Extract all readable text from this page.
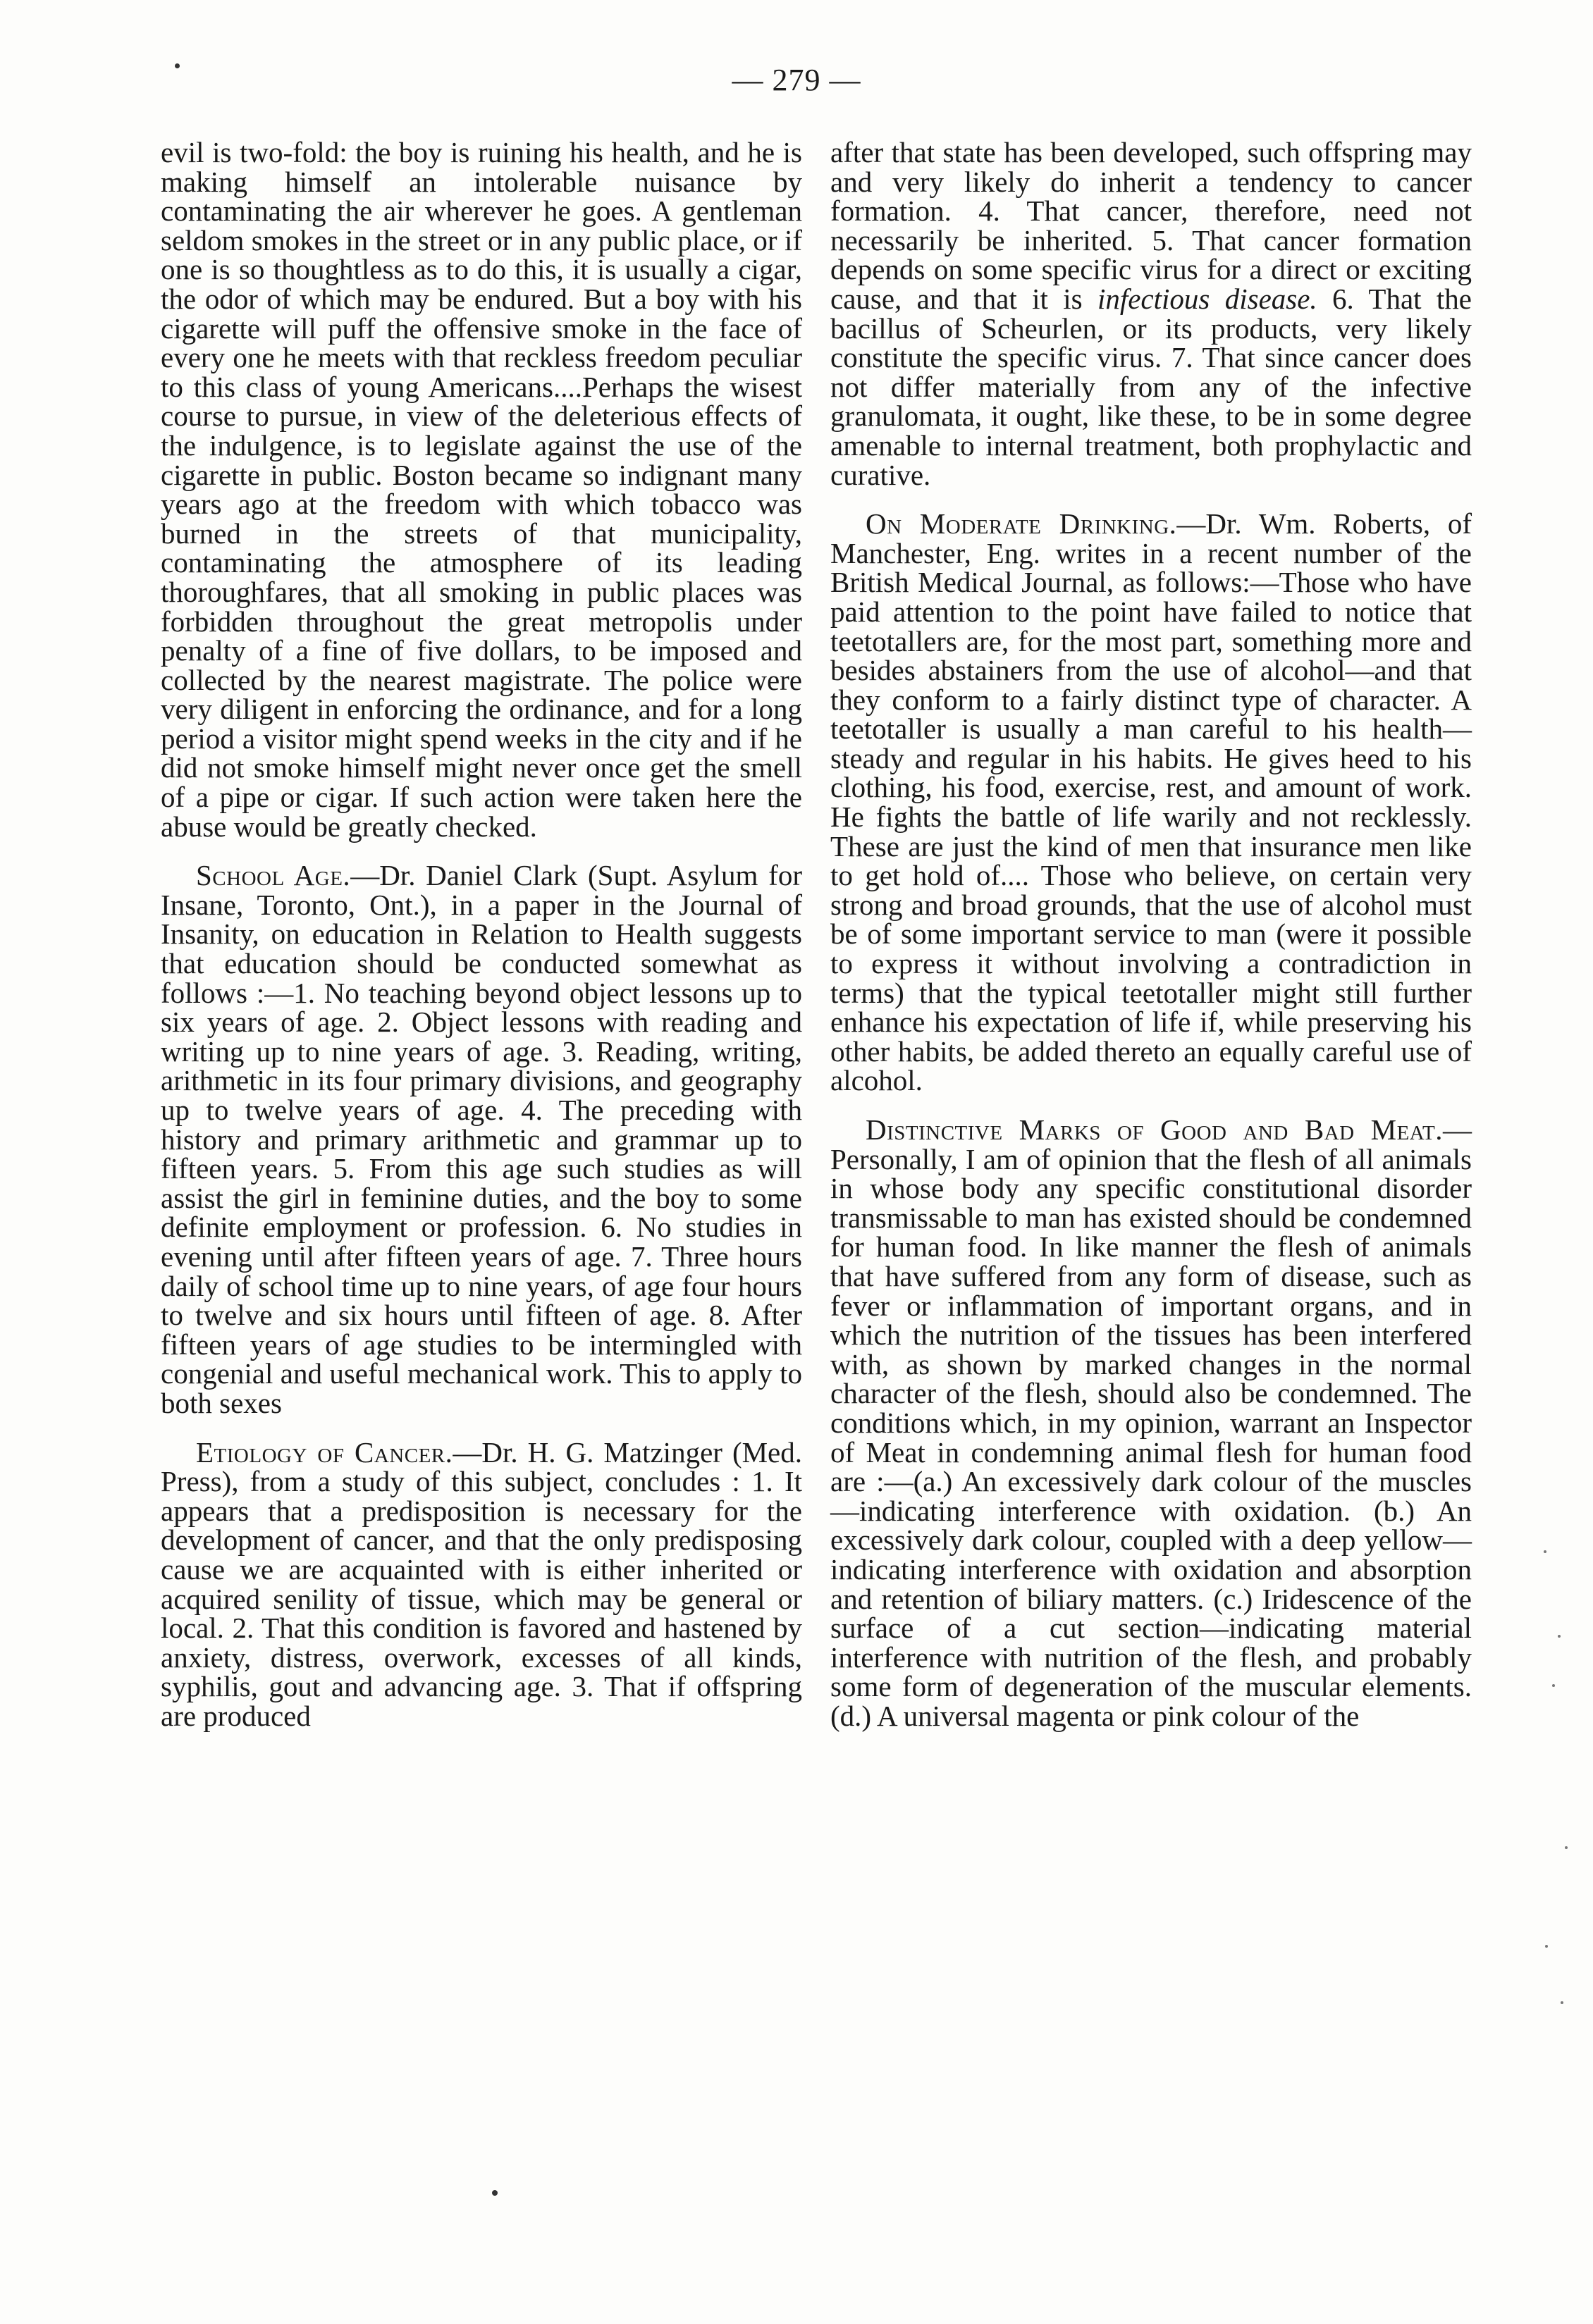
— 279 —

evil is two-fold: the boy is ruining his health, and he is making himself an intolerable nuisance by contaminating the air wherever he goes. A gentleman seldom smokes in the street or in any public place, or if one is so thoughtless as to do this, it is usually a cigar, the odor of which may be endured. But a boy with his cigarette will puff the offensive smoke in the face of every one he meets with that reckless freedom peculiar to this class of young Americans....Perhaps the wisest course to pursue, in view of the deleterious effects of the indulgence, is to legislate against the use of the cigarette in public. Boston became so indignant many years ago at the freedom with which tobacco was burned in the streets of that municipality, contaminating the atmosphere of its leading thoroughfares, that all smoking in public places was forbidden throughout the great metropolis under penalty of a fine of five dollars, to be imposed and collected by the nearest magistrate. The police were very diligent in enforcing the ordinance, and for a long period a visitor might spend weeks in the city and if he did not smoke himself might never once get the smell of a pipe or cigar. If such action were taken here the abuse would be greatly checked.

School Age.—Dr. Daniel Clark (Supt. Asylum for Insane, Toronto, Ont.), in a paper in the Journal of Insanity, on education in Relation to Health suggests that education should be conducted somewhat as follows :—1. No teaching beyond object lessons up to six years of age. 2. Object lessons with reading and writing up to nine years of age. 3. Reading, writing, arithmetic in its four primary divisions, and geography up to twelve years of age. 4. The preceding with history and primary arithmetic and grammar up to fifteen years. 5. From this age such studies as will assist the girl in feminine duties, and the boy to some definite employment or profession. 6. No studies in evening until after fifteen years of age. 7. Three hours daily of school time up to nine years, of age four hours to twelve and six hours until fifteen of age. 8. After fifteen years of age studies to be intermingled with congenial and useful mechanical work. This to apply to both sexes

Etiology of Cancer.—Dr. H. G. Matzinger (Med. Press), from a study of this subject, concludes : 1. It appears that a predisposition is necessary for the development of cancer, and that the only predisposing cause we are acquainted with is either inherited or acquired senility of tissue, which may be general or local. 2. That this condition is favored and hastened by anxiety, distress, overwork, excesses of all kinds, syphilis, gout and advancing age. 3. That if offspring are produced

after that state has been developed, such offspring may and very likely do inherit a tendency to cancer formation. 4. That cancer, therefore, need not necessarily be inherited. 5. That cancer formation depends on some specific virus for a direct or exciting cause, and that it is infectious disease. 6. That the bacillus of Scheurlen, or its products, very likely constitute the specific virus. 7. That since cancer does not differ materially from any of the infective granulomata, it ought, like these, to be in some degree amenable to internal treatment, both prophylactic and curative.

On Moderate Drinking.—Dr. Wm. Roberts, of Manchester, Eng. writes in a recent number of the British Medical Journal, as follows:—Those who have paid attention to the point have failed to notice that teetotallers are, for the most part, something more and besides abstainers from the use of alcohol—and that they conform to a fairly distinct type of character. A teetotaller is usually a man careful to his health—steady and regular in his habits. He gives heed to his clothing, his food, exercise, rest, and amount of work. He fights the battle of life warily and not recklessly. These are just the kind of men that insurance men like to get hold of.... Those who believe, on certain very strong and broad grounds, that the use of alcohol must be of some important service to man (were it possible to express it without involving a contradiction in terms) that the typical teetotaller might still further enhance his expectation of life if, while preserving his other habits, be added thereto an equally careful use of alcohol.

Distinctive Marks of Good and Bad Meat.—Personally, I am of opinion that the flesh of all animals in whose body any specific constitutional disorder transmissable to man has existed should be condemned for human food. In like manner the flesh of animals that have suffered from any form of disease, such as fever or inflammation of important organs, and in which the nutrition of the tissues has been interfered with, as shown by marked changes in the normal character of the flesh, should also be condemned. The conditions which, in my opinion, warrant an Inspector of Meat in condemning animal flesh for human food are :—(a.) An excessively dark colour of the muscles—indicating interference with oxidation. (b.) An excessively dark colour, coupled with a deep yellow—indicating interference with oxidation and absorption and retention of biliary matters. (c.) Iridescence of the surface of a cut section—indicating material interference with nutrition of the flesh, and probably some form of degeneration of the muscular elements. (d.) A universal magenta or pink colour of the
